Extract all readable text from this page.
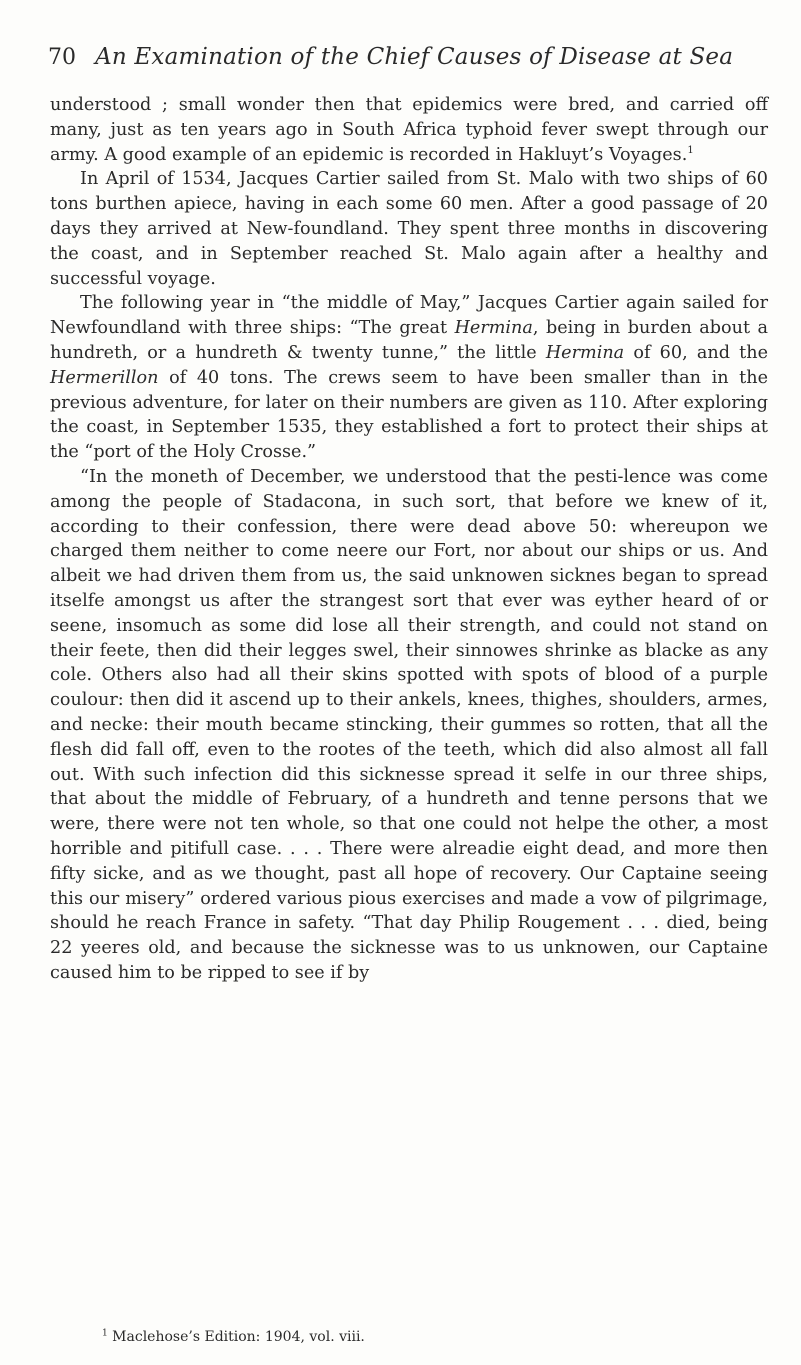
70 An Examination of the Chief Causes of Disease at Sea

understood ; small wonder then that epidemics were bred, and carried off many, just as ten years ago in South Africa typhoid fever swept through our army. A good example of an epidemic is recorded in Hakluyt’s Voyages.$^1$

In April of 1534, Jacques Cartier sailed from St. Malo with two ships of 60 tons burthen apiece, having in each some 60 men. After a good passage of 20 days they arrived at New-foundland. They spent three months in discovering the coast, and in September reached St. Malo again after a healthy and successful voyage.

The following year in “the middle of May,” Jacques Cartier again sailed for Newfoundland with three ships: “The great Hermina, being in burden about a hundreth, or a hundreth & twenty tunne,” the little Hermina of 60, and the Hermerillon of 40 tons. The crews seem to have been smaller than in the previous adventure, for later on their numbers are given as 110. After exploring the coast, in September 1535, they established a fort to protect their ships at the “port of the Holy Crosse.”

“In the moneth of December, we understood that the pesti-lence was come among the people of Stadacona, in such sort, that before we knew of it, according to their confession, there were dead above 50: whereupon we charged them neither to come neere our Fort, nor about our ships or us. And albeit we had driven them from us, the said unknowen sicknes began to spread itselfe amongst us after the strangest sort that ever was eyther heard of or seene, insomuch as some did lose all their strength, and could not stand on their feete, then did their legges swel, their sinnowes shrinke as blacke as any cole. Others also had all their skins spotted with spots of blood of a purple coulour: then did it ascend up to their ankels, knees, thighes, shoulders, armes, and necke: their mouth became stincking, their gummes so rotten, that all the flesh did fall off, even to the rootes of the teeth, which did also almost all fall out. With such infection did this sicknesse spread it selfe in our three ships, that about the middle of February, of a hundreth and tenne persons that we were, there were not ten whole, so that one could not helpe the other, a most horrible and pitifull case. . . . There were alreadie eight dead, and more then fifty sicke, and as we thought, past all hope of recovery. Our Captaine seeing this our misery” ordered various pious exercises and made a vow of pilgrimage, should he reach France in safety. “That day Philip Rougement . . . died, being 22 yeeres old, and because the sicknesse was to us unknowen, our Captaine caused him to be ripped to see if by

$^1$ Maclehose’s Edition: 1904, vol. viii.
